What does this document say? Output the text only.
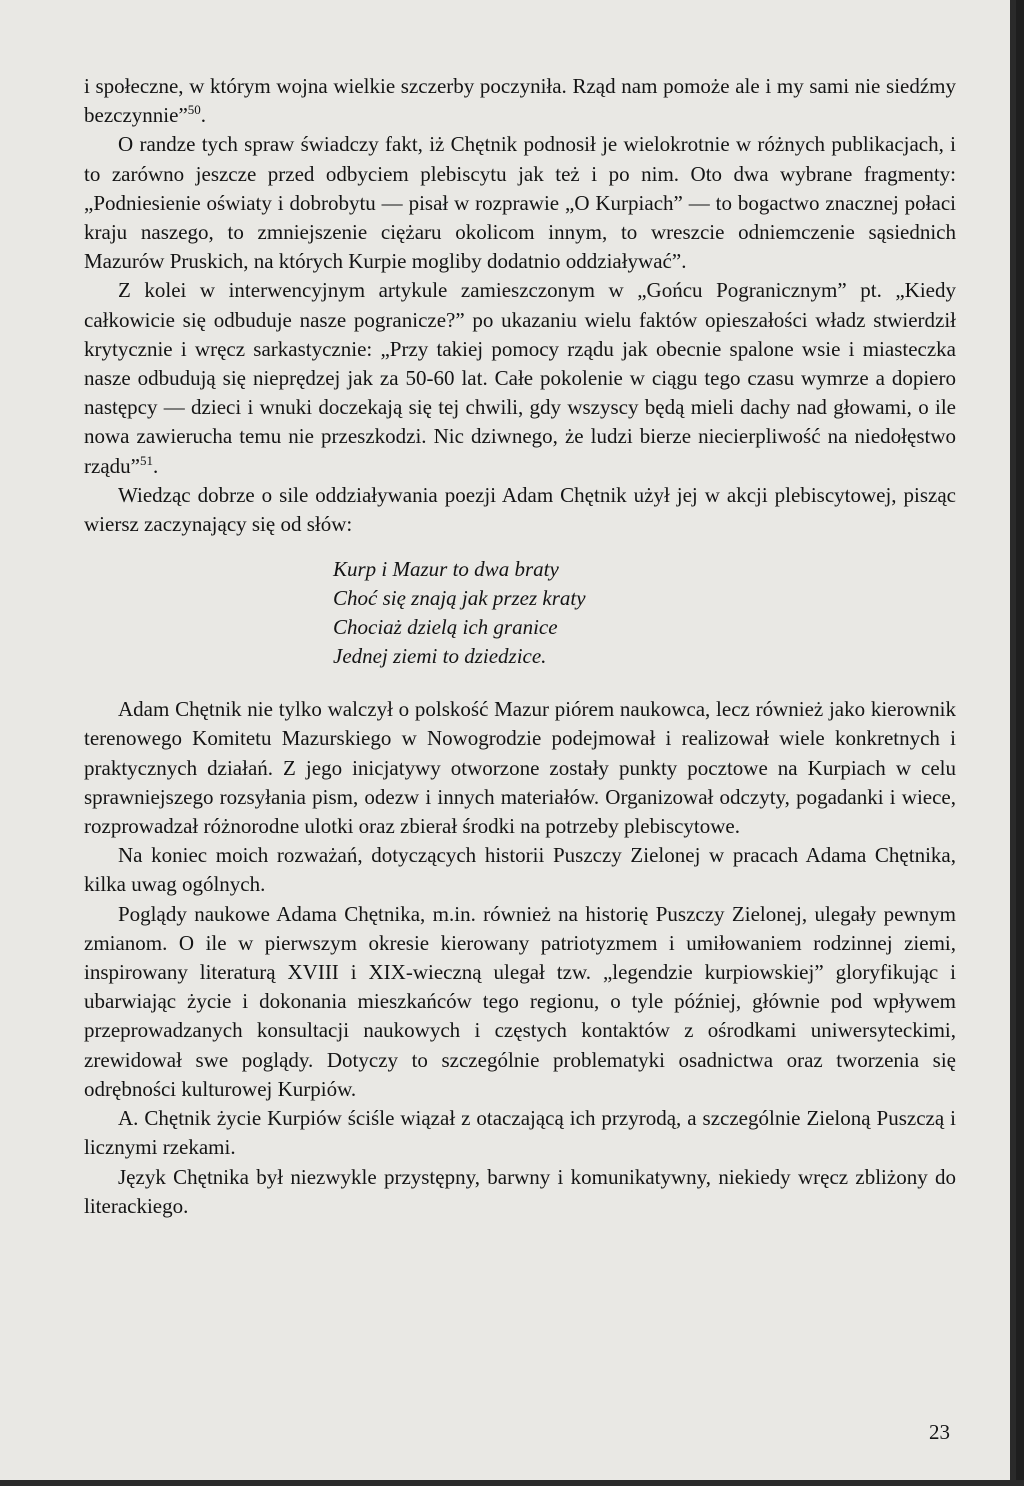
i społeczne, w którym wojna wielkie szczerby poczyniła. Rząd nam pomoże ale i my sami nie siedźmy bezczynnie”$^{50}$.

O randze tych spraw świadczy fakt, iż Chętnik podnosił je wielokrotnie w różnych publikacjach, i to zarówno jeszcze przed odbyciem plebiscytu jak też i po nim. Oto dwa wybrane fragmenty: „Podniesienie oświaty i dobrobytu — pisał w rozprawie „O Kurpiach” — to bogactwo znacznej połaci kraju naszego, to zmniejszenie ciężaru okolicom innym, to wreszcie odniemczenie sąsiednich Mazurów Pruskich, na których Kurpie mogliby dodatnio oddziaływać”.

Z kolei w interwencyjnym artykule zamieszczonym w „Gońcu Pogranicznym” pt. „Kiedy całkowicie się odbuduje nasze pogranicze?” po ukazaniu wielu faktów opieszałości władz stwierdził krytycznie i wręcz sarkastycznie: „Przy takiej pomocy rządu jak obecnie spalone wsie i miasteczka nasze odbudują się nieprędzej jak za 50-60 lat. Całe pokolenie w ciągu tego czasu wymrze a dopiero następcy — dzieci i wnuki doczekają się tej chwili, gdy wszyscy będą mieli dachy nad głowami, o ile nowa zawierucha temu nie przeszkodzi. Nic dziwnego, że ludzi bierze niecierpliwość na niedołęstwo rządu”$^{51}$.

Wiedząc dobrze o sile oddziaływania poezji Adam Chętnik użył jej w akcji plebiscytowej, pisząc wiersz zaczynający się od słów:

Kurp i Mazur to dwa braty
Choć się znają jak przez kraty
Chociaż dzielą ich granice
Jednej ziemi to dziedzice.

Adam Chętnik nie tylko walczył o polskość Mazur piórem naukowca, lecz również jako kierownik terenowego Komitetu Mazurskiego w Nowogrodzie podejmował i realizował wiele konkretnych i praktycznych działań. Z jego inicjatywy otworzone zostały punkty pocztowe na Kurpiach w celu sprawniejszego rozsyłania pism, odezw i innych materiałów. Organizował odczyty, pogadanki i wiece, rozprowadzał różnorodne ulotki oraz zbierał środki na potrzeby plebiscytowe.

Na koniec moich rozważań, dotyczących historii Puszczy Zielonej w pracach Adama Chętnika, kilka uwag ogólnych.

Poglądy naukowe Adama Chętnika, m.in. również na historię Puszczy Zielonej, ulegały pewnym zmianom. O ile w pierwszym okresie kierowany patriotyzmem i umiłowaniem rodzinnej ziemi, inspirowany literaturą XVIII i XIX-wieczną ulegał tzw. „legendzie kurpiowskiej” gloryfikując i ubarwiając życie i dokonania mieszkańców tego regionu, o tyle później, głównie pod wpływem przeprowadzanych konsultacji naukowych i częstych kontaktów z ośrodkami uniwersyteckimi, zrewidował swe poglądy. Dotyczy to szczególnie problematyki osadnictwa oraz tworzenia się odrębności kulturowej Kurpiów.

A. Chętnik życie Kurpiów ściśle wiązał z otaczającą ich przyrodą, a szczególnie Zieloną Puszczą i licznymi rzekami.

Język Chętnika był niezwykle przystępny, barwny i komunikatywny, niekiedy wręcz zbliżony do literackiego.

23
